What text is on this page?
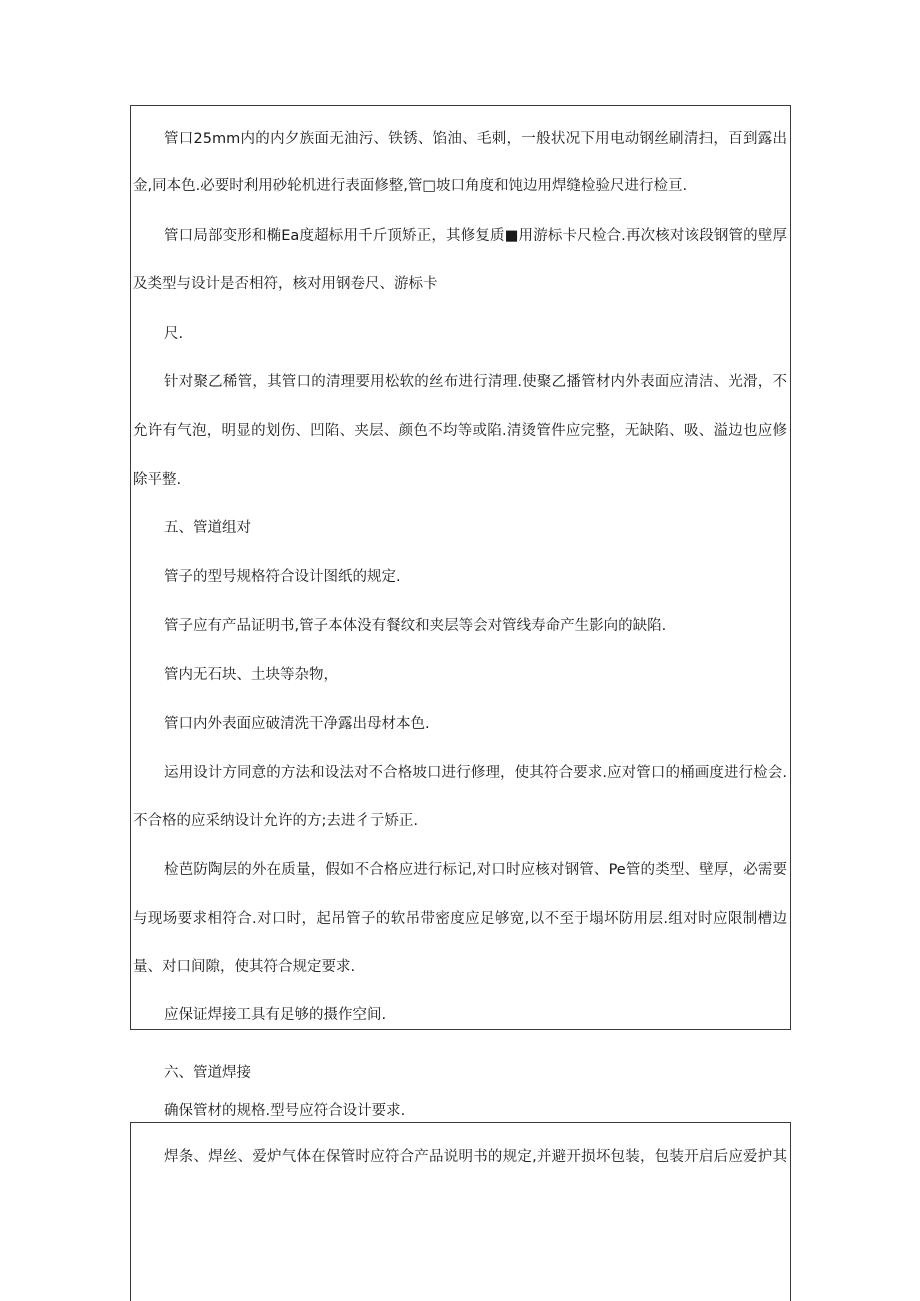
管口25mm内的内夕族面无油污、铁锈、馅油、毛刺，一般状况下用电动钢丝刷清扫，百到露出

金,同本色.必要时利用砂轮机进行表面修整,管□坡口角度和饨边用焊缝检验尺进行检亘.

管口局部变形和椭Ea度超标用千斤顶矫正，其修复质■用游标卡尺检合.再次核对该段钢管的壁厚

及类型与设计是否相符，核对用钢卷尺、游标卡

尺.

针对聚乙稀管，其管口的清理要用松软的丝布进行清理.使聚乙播管材内外表面应清洁、光滑，不

允许有气泡，明显的划伤、凹陷、夹层、颜色不均等或陷.清烫管件应完整，无缺陷、吸、溢边也应修

除平整.

五、管道组对

管子的型号规格符合设计图纸的规定.

管子应有产品证明书,管子本体没有餐纹和夹层等会对管线寿命产生影向的缺陷.

管内无石块、土块等杂物，

管口内外表面应破清洗干净露出母材本色.

运用设计方同意的方法和设法对不合格坡口进行修理，使其符合要求.应对管口的桶画度进行检会.

不合格的应采纳设计允许的方;去进彳亍矫正.

检芭防陶层的外在质量，假如不合格应进行标记,对口时应核对钢管、Pe管的类型、壁厚，必需要

与现场要求相符合.对口时，起吊管子的软吊带密度应足够宽,以不至于塌坏防用层.组对时应限制槽边

量、对口间隙，使其符合规定要求.

应保证焊接工具有足够的摄作空间.

六、管道焊接

确保管材的规格.型号应符合设计要求.

焊条、焊丝、爱炉气体在保管时应符合产品说明书的规定,并避开损坏包装，包装开启后应爱护其
